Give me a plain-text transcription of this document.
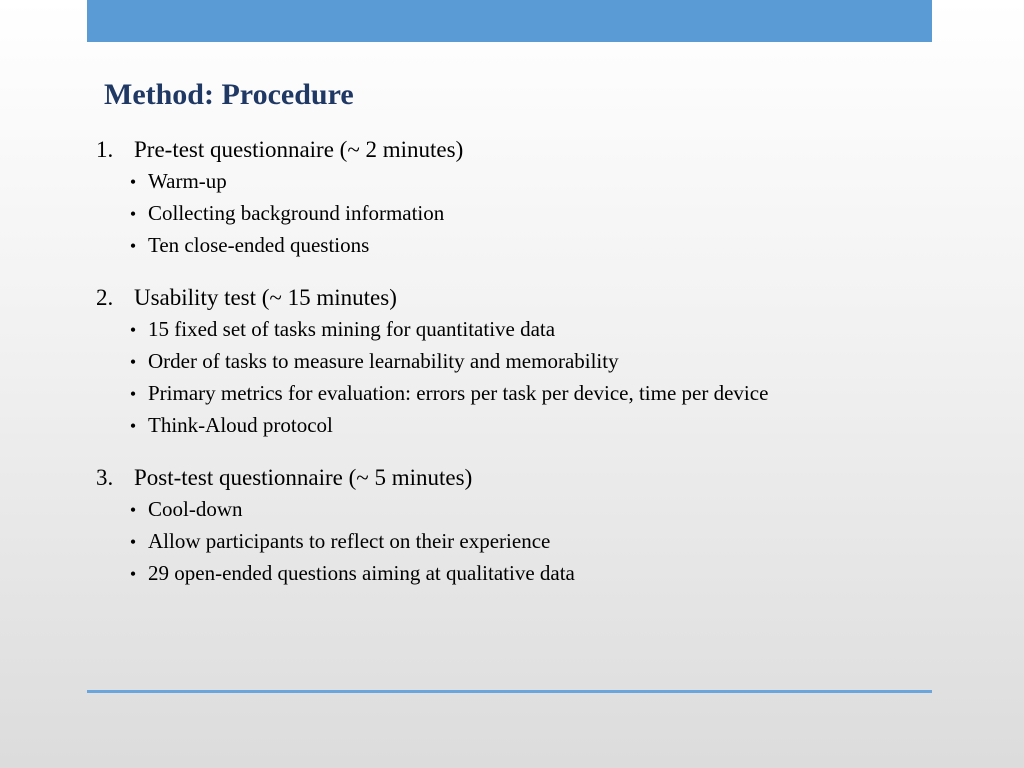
Method: Procedure
1. Pre-test questionnaire (~ 2 minutes)
• Warm-up
• Collecting background information
• Ten close-ended questions
2. Usability test (~ 15 minutes)
• 15 fixed set of tasks mining for quantitative data
• Order of tasks to measure learnability and memorability
• Primary metrics for evaluation: errors per task per device, time per device
• Think-Aloud protocol
3. Post-test questionnaire (~ 5 minutes)
• Cool-down
• Allow participants to reflect on their experience
• 29 open-ended questions aiming at qualitative data
